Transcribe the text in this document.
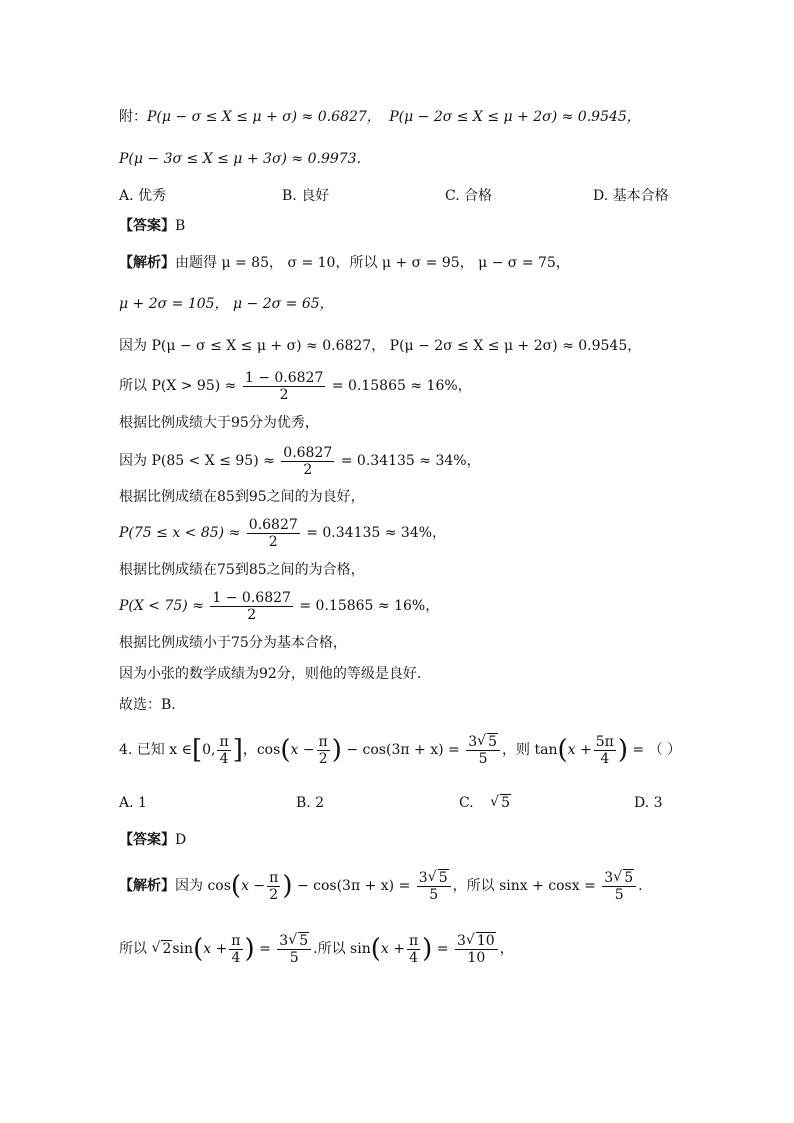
附：P(μ − σ ≤ X ≤ μ + σ) ≈ 0.6827， P(μ − 2σ ≤ X ≤ μ + 2σ) ≈ 0.9545，
P(μ − 3σ ≤ X ≤ μ + 3σ) ≈ 0.9973.
A. 优秀	B. 良好	C. 合格	D. 基本合格
【答案】B
【解析】由题得 μ = 85， σ = 10，所以 μ + σ = 95， μ − σ = 75，
μ + 2σ = 105， μ − 2σ = 65，
因为 P(μ − σ ≤ X ≤ μ + σ) ≈ 0.6827， P(μ − 2σ ≤ X ≤ μ + 2σ) ≈ 0.9545，
所以 $P(X > 95) \approx \frac{1 - 0.6827}{2} = 0.15865 \approx 16\%$，
根据比例成绩大于95分为优秀，
因为 $P(85 < X \le 95) \approx \frac{0.6827}{2} = 0.34135 \approx 34\%$，
根据比例成绩在85到95之间的为良好，
$P(75 \le x < 85) \approx \frac{0.6827}{2} = 0.34135 \approx 34\%$，
根据比例成绩在75到85之间的为合格，
$P(X < 75) \approx \frac{1 - 0.6827}{2} = 0.15865 \approx 16\%$，
根据比例成绩小于75分为基本合格，
因为小张的数学成绩为92分，则他的等级是良好.
故选：B.
4. 已知 x ∈[0, $\frac{\pi}{4}$ ]，$\cos(x - \frac{\pi}{2}$ ) − $\cos(3\pi + x) = \frac{3 √ 5}{5}$ ，则 $\tan(x + \frac{5\pi}{4}$ ) = （ ）
A. 1	B. 2	C. √ 5	D. 3
【答案】D
【解析】因为 $\cos(x - \frac{\pi}{2}$ ) − $\cos(3\pi + x) = \frac{3 √ 5}{5}$ ，所以 $\sin x + \cos x = \frac{3 √ 5}{5}$ .
所以 √ $2\sin(x + \frac{\pi}{4}$ ) = $\frac{3 √ 5}{5}$ .所以 $\sin(x + \frac{\pi}{4}$ ) = $\frac{3 √ 10}{10}$ ，
